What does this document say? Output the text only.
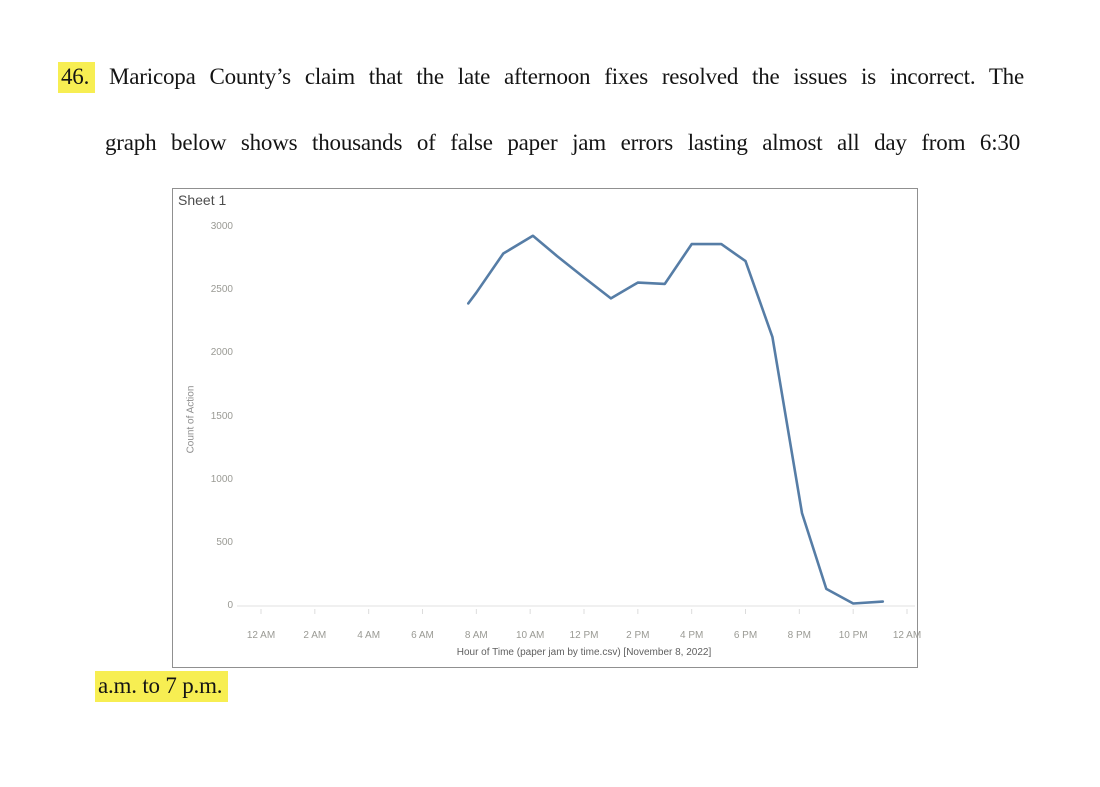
46. Maricopa County’s claim that the late afternoon fixes resolved the issues is incorrect. The
graph below shows thousands of false paper jam errors lasting almost all day from 6:30
Sheet 1
Count of Action
0
500
1000
1500
2000
2500
3000
12 AM	2 AM	4 AM	6 AM	8 AM	10 AM	12 PM	2 PM	4 PM	6 PM	8 PM	10 PM	12 AM
Hour of Time (paper jam by time.csv) [November 8, 2022]
a.m. to 7 p.m.
